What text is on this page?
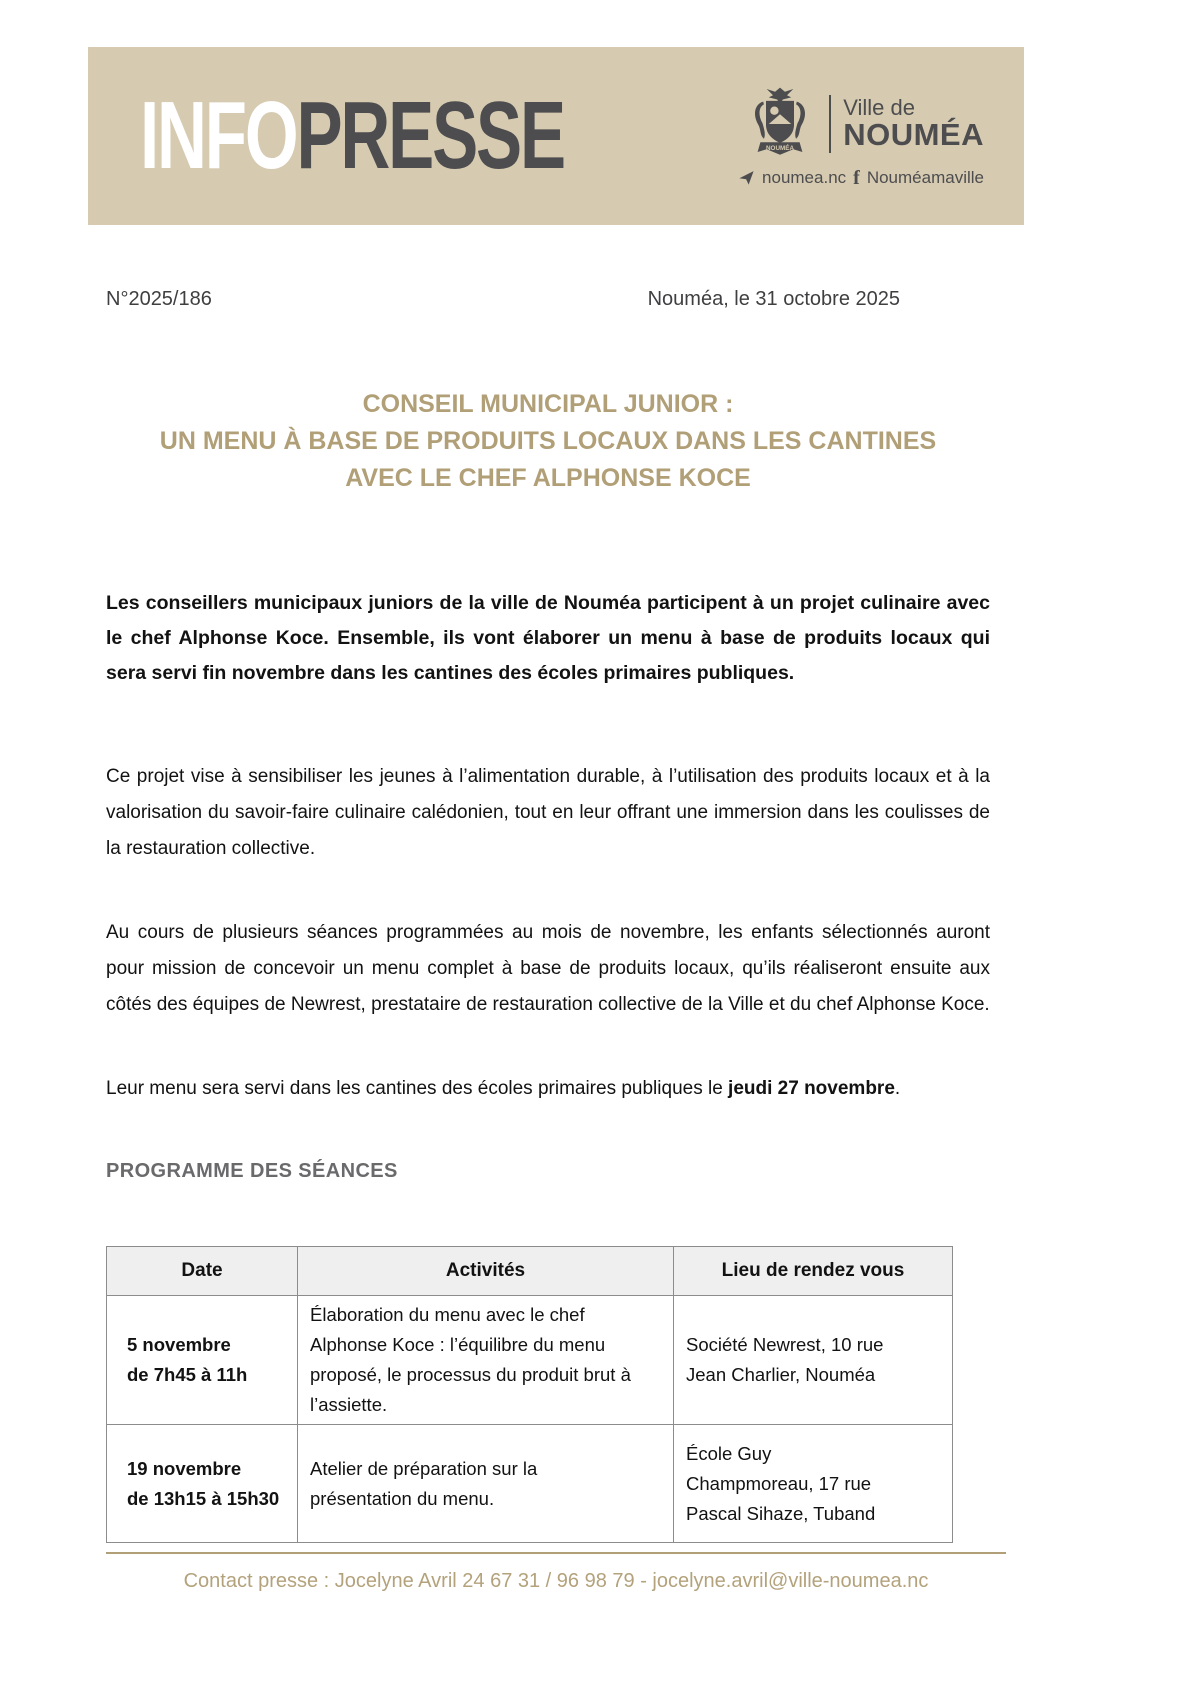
INFOPRESSE	NOUMÉA
Ville de
NOUMÉA
noumea.nc f Nouméamaville
N°2025/186	Nouméa, le 31 octobre 2025
CONSEIL MUNICIPAL JUNIOR :
UN MENU À BASE DE PRODUITS LOCAUX DANS LES CANTINES
AVEC LE CHEF ALPHONSE KOCE

Les conseillers municipaux juniors de la ville de Nouméa participent à un projet culinaire avec le chef Alphonse Koce. Ensemble, ils vont élaborer un menu à base de produits locaux qui sera servi fin novembre dans les cantines des écoles primaires publiques.

Ce projet vise à sensibiliser les jeunes à l’alimentation durable, à l’utilisation des produits locaux et à la valorisation du savoir-faire culinaire calédonien, tout en leur offrant une immersion dans les coulisses de la restauration collective.

Au cours de plusieurs séances programmées au mois de novembre, les enfants sélectionnés auront pour mission de concevoir un menu complet à base de produits locaux, qu’ils réaliseront ensuite aux côtés des équipes de Newrest, prestataire de restauration collective de la Ville et du chef Alphonse Koce.

Leur menu sera servi dans les cantines des écoles primaires publiques le jeudi 27 novembre.

PROGRAMME DES SÉANCES
Date	Activités	Lieu de rendez vous

5 novembre
de 7h45 à 11h	Élaboration du menu avec le chef Alphonse Koce : l’équilibre du menu proposé, le processus du produit brut à l’assiette.	Société Newrest, 10 rue Jean Charlier, Nouméa

19 novembre
de 13h15 à 15h30	Atelier de préparation sur la présentation du menu.	École Guy Champmoreau, 17 rue Pascal Sihaze, Tuband
Contact presse : Jocelyne Avril 24 67 31 / 96 98 79 - jocelyne.avril@ville-noumea.nc
